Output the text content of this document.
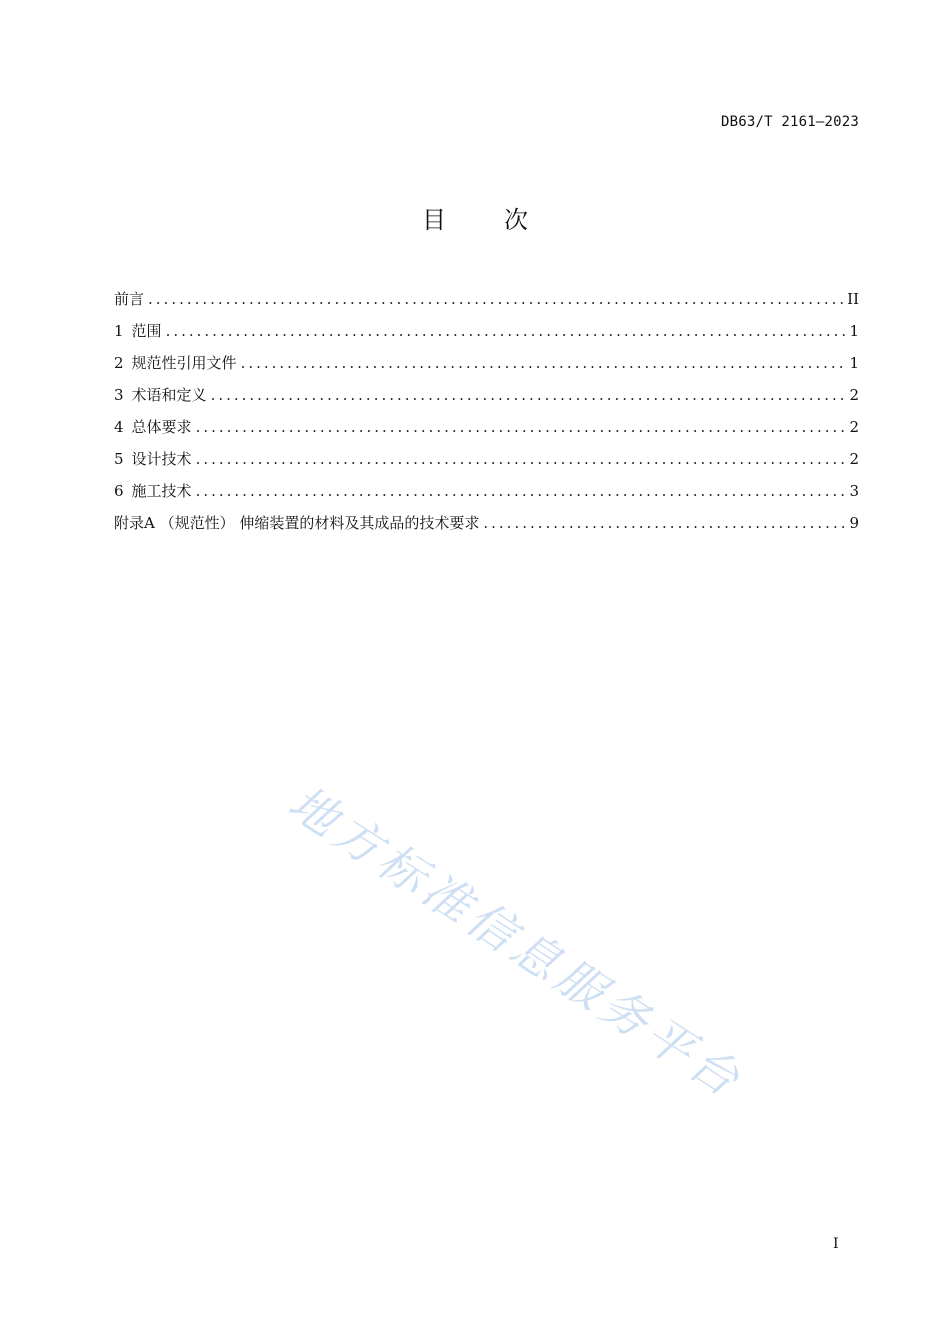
DB63/T 2161—2023
目 次
前言 .....	II
1 范围 .....	1
2 规范性引用文件 .....	1
3 术语和定义 .....	2
4 总体要求 .....	2
5 设计技术 .....	2
6 施工技术 .....	3
附录A （规范性） 伸缩装置的材料及其成品的技术要求 .....	9
地方标准信息服务平台
I
